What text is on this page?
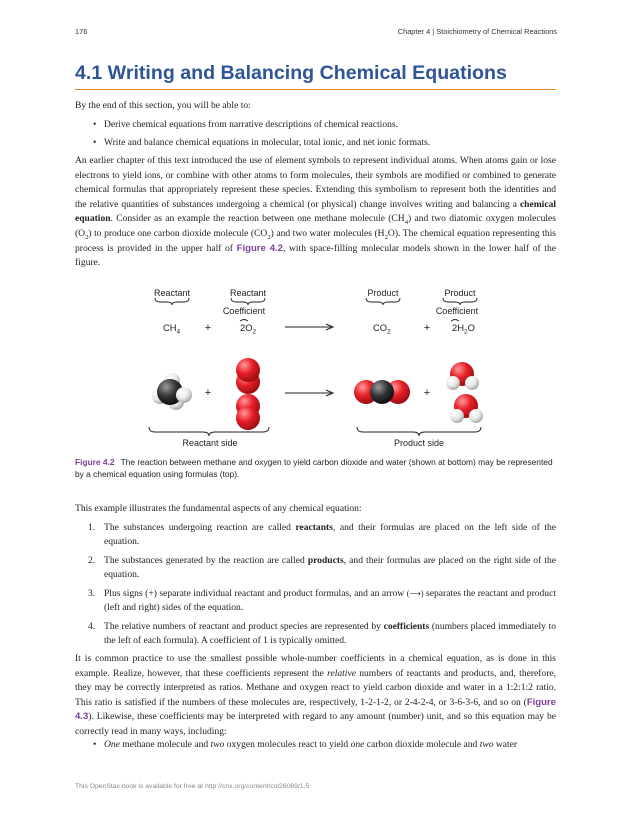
176	Chapter 4 | Stoichiometry of Chemical Reactions
4.1 Writing and Balancing Chemical Equations

By the end of this section, you will be able to:

• Derive chemical equations from narrative descriptions of chemical reactions.

• Write and balance chemical equations in molecular, total ionic, and net ionic formats.

An earlier chapter of this text introduced the use of element symbols to represent individual atoms. When atoms gain or lose electrons to yield ions, or combine with other atoms to form molecules, their symbols are modified or combined to generate chemical formulas that appropriately represent these species. Extending this symbolism to represent both the identities and the relative quantities of substances undergoing a chemical (or physical) change involves writing and balancing a chemical equation. Consider as an example the reaction between one methane molecule $(CH_4)$ and two diatomic oxygen molecules $(O_2)$ to produce one carbon dioxide molecule $(CO_2)$ and two water molecules $(H_2O)$. The chemical equation representing this process is provided in the upper half of Figure 4.2, with space-filling molecular models shown in the lower half of the figure.

Reactant	Reactant	Product	Product
Coefficient	Coefficient
$CH_4$ +	$2O_2$	$CO_2$	+ $2H_2O$
+	+
Reactant side	Product side

Figure 4.2 The reaction between methane and oxygen to yield carbon dioxide and water (shown at bottom) may be represented by a chemical equation using formulas (top).

This example illustrates the fundamental aspects of any chemical equation:

1. The substances undergoing reaction are called reactants, and their formulas are placed on the left side of the equation.

2. The substances generated by the reaction are called products, and their formulas are placed on the right side of the equation.

3. Plus signs (+) separate individual reactant and product formulas, and an arrow (⟶) separates the reactant and product (left and right) sides of the equation.

4. The relative numbers of reactant and product species are represented by coefficients (numbers placed immediately to the left of each formula). A coefficient of 1 is typically omitted.

It is common practice to use the smallest possible whole-number coefficients in a chemical equation, as is done in this example. Realize, however, that these coefficients represent the relative numbers of reactants and products, and, therefore, they may be correctly interpreted as ratios. Methane and oxygen react to yield carbon dioxide and water in a 1:2:1:2 ratio. This ratio is satisfied if the numbers of these molecules are, respectively, 1-2-1-2, or 2-4-2-4, or 3-6-3-6, and so on (Figure 4.3). Likewise, these coefficients may be interpreted with regard to any amount (number) unit, and so this equation may be correctly read in many ways, including:

• One methane molecule and two oxygen molecules react to yield one carbon dioxide molecule and two water

This OpenStax book is available for free at http://cnx.org/content/col26069/1.5
